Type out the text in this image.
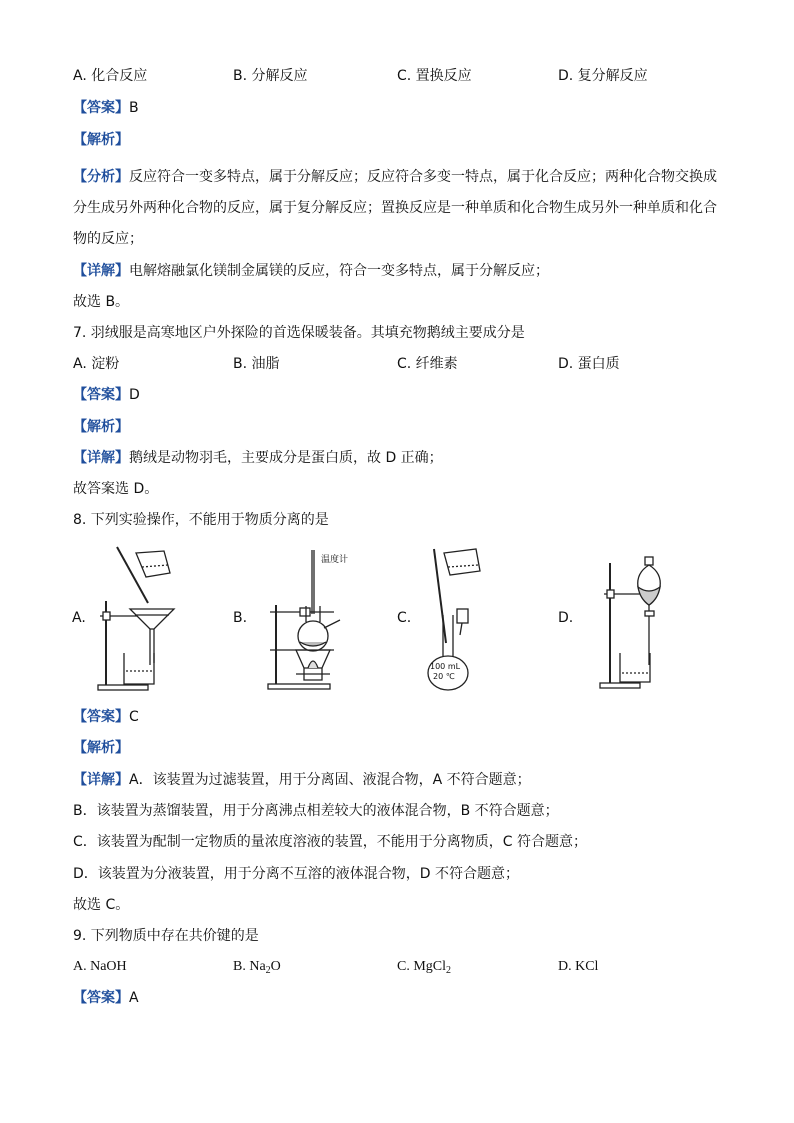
A. 化合反应	B. 分解反应	C. 置换反应	D. 复分解反应
【答案】B
【解析】
【分析】反应符合一变多特点，属于分解反应；反应符合多变一特点，属于化合反应；两种化合物交换成
分生成另外两种化合物的反应，属于复分解反应；置换反应是一种单质和化合物生成另外一种单质和化合
物的反应；
【详解】电解熔融氯化镁制金属镁的反应，符合一变多特点，属于分解反应；
故选 B。
7. 羽绒服是高寒地区户外探险的首选保暖装备。其填充物鹅绒主要成分是
A. 淀粉	B. 油脂	C. 纤维素	D. 蛋白质
【答案】D
【解析】
【详解】鹅绒是动物羽毛，主要成分是蛋白质，故 D 正确；
故答案选 D。
8. 下列实验操作，不能用于物质分离的是
A.	B.	C.	D.
温度计
100 mL
20 ℃
【答案】C
【解析】
【详解】A．该装置为过滤装置，用于分离固、液混合物，A 不符合题意；
B．该装置为蒸馏装置，用于分离沸点相差较大的液体混合物，B 不符合题意；
C．该装置为配制一定物质的量浓度溶液的装置，不能用于分离物质，C 符合题意；
D．该装置为分液装置，用于分离不互溶的液体混合物，D 不符合题意；
故选 C。
9. 下列物质中存在共价键的是
A. NaOH	B. $Na_2O$	C. MgCl$_2$	D. KCl
【答案】A
